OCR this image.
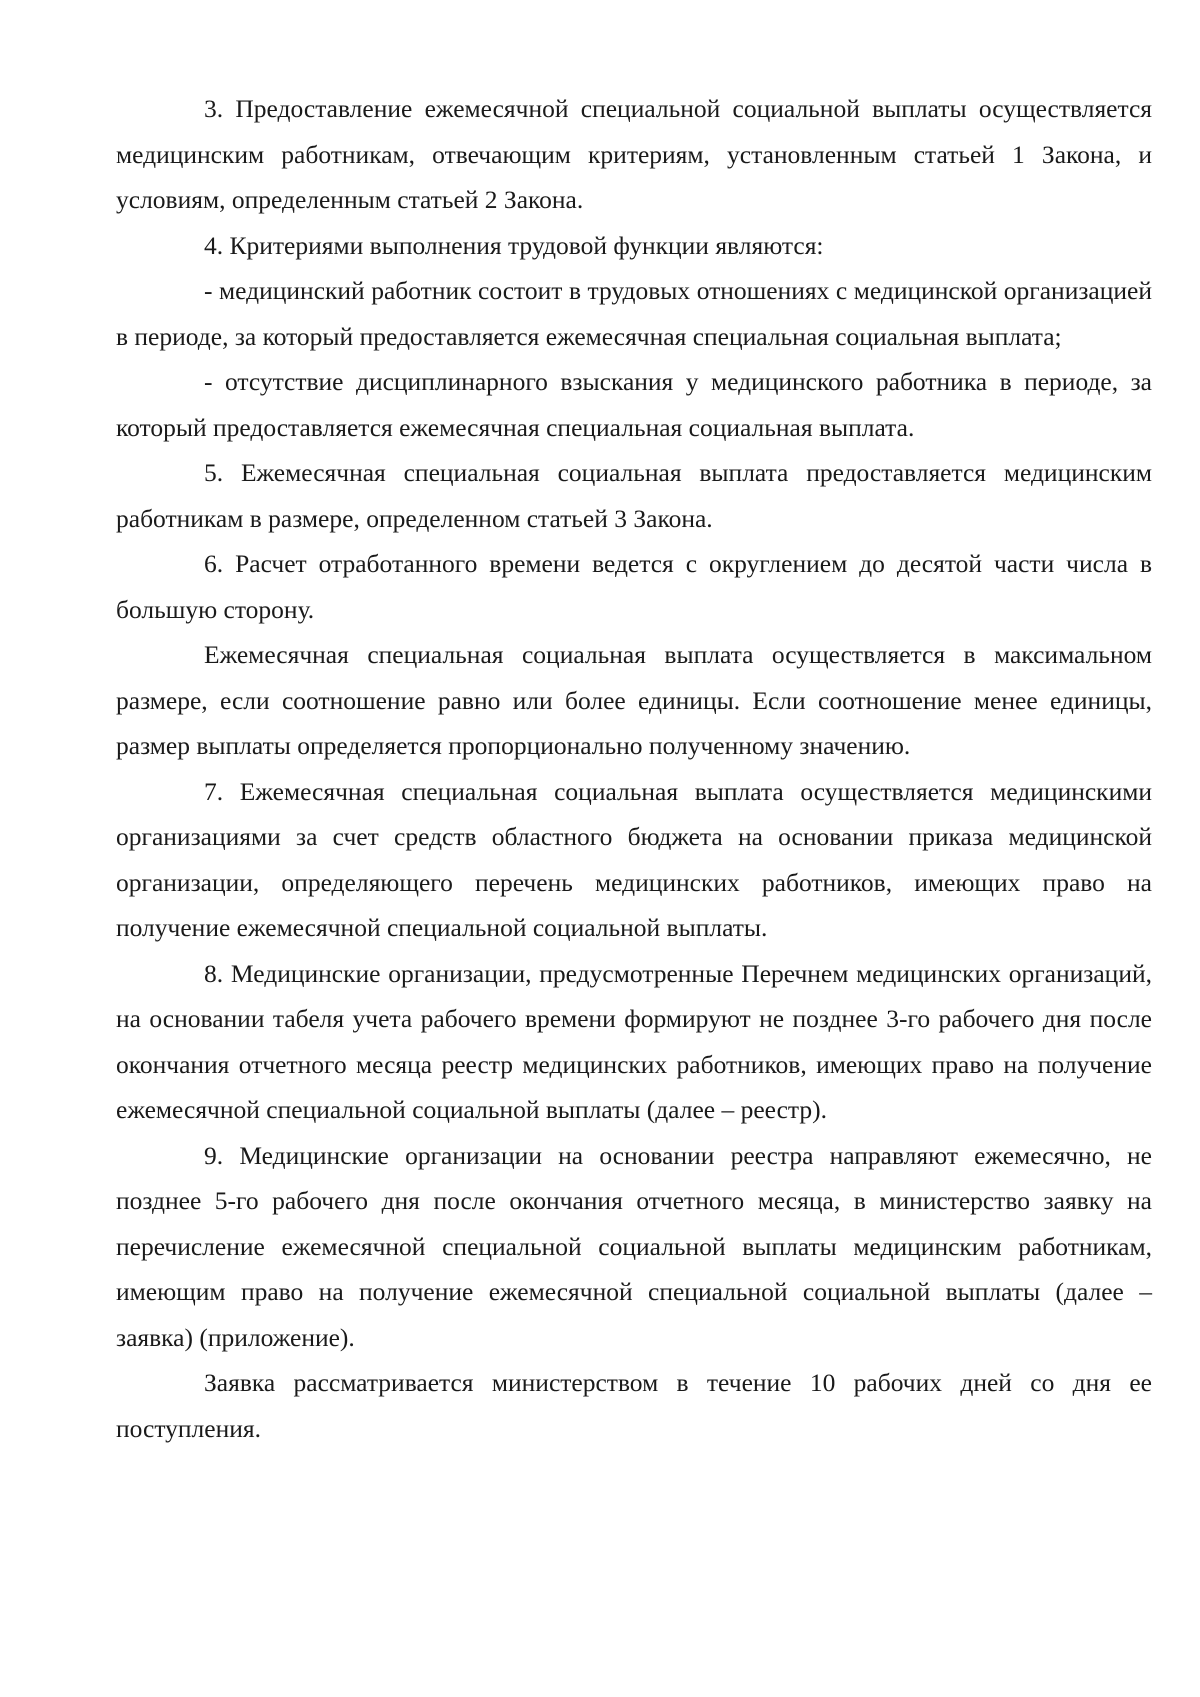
3. Предоставление ежемесячной специальной социальной выплаты осуществляется медицинским работникам, отвечающим критериям, установленным статьей 1 Закона, и условиям, определенным статьей 2 Закона.

4. Критериями выполнения трудовой функции являются:

- медицинский работник состоит в трудовых отношениях с медицинской организацией в периоде, за который предоставляется ежемесячная специальная социальная выплата;

- отсутствие дисциплинарного взыскания у медицинского работника в периоде, за который предоставляется ежемесячная специальная социальная выплата.

5. Ежемесячная специальная социальная выплата предоставляется медицинским работникам в размере, определенном статьей 3 Закона.

6. Расчет отработанного времени ведется с округлением до десятой части числа в большую сторону.

Ежемесячная специальная социальная выплата осуществляется в максимальном размере, если соотношение равно или более единицы. Если соотношение менее единицы, размер выплаты определяется пропорционально полученному значению.

7. Ежемесячная специальная социальная выплата осуществляется медицинскими организациями за счет средств областного бюджета на основании приказа медицинской организации, определяющего перечень медицинских работников, имеющих право на получение ежемесячной специальной социальной выплаты.

8. Медицинские организации, предусмотренные Перечнем медицинских организаций, на основании табеля учета рабочего времени формируют не позднее 3-го рабочего дня после окончания отчетного месяца реестр медицинских работников, имеющих право на получение ежемесячной специальной социальной выплаты (далее – реестр).

9. Медицинские организации на основании реестра направляют ежемесячно, не позднее 5-го рабочего дня после окончания отчетного месяца, в министерство заявку на перечисление ежемесячной специальной социальной выплаты медицинским работникам, имеющим право на получение ежемесячной специальной социальной выплаты (далее – заявка) (приложение).

Заявка рассматривается министерством в течение 10 рабочих дней со дня ее поступления.
